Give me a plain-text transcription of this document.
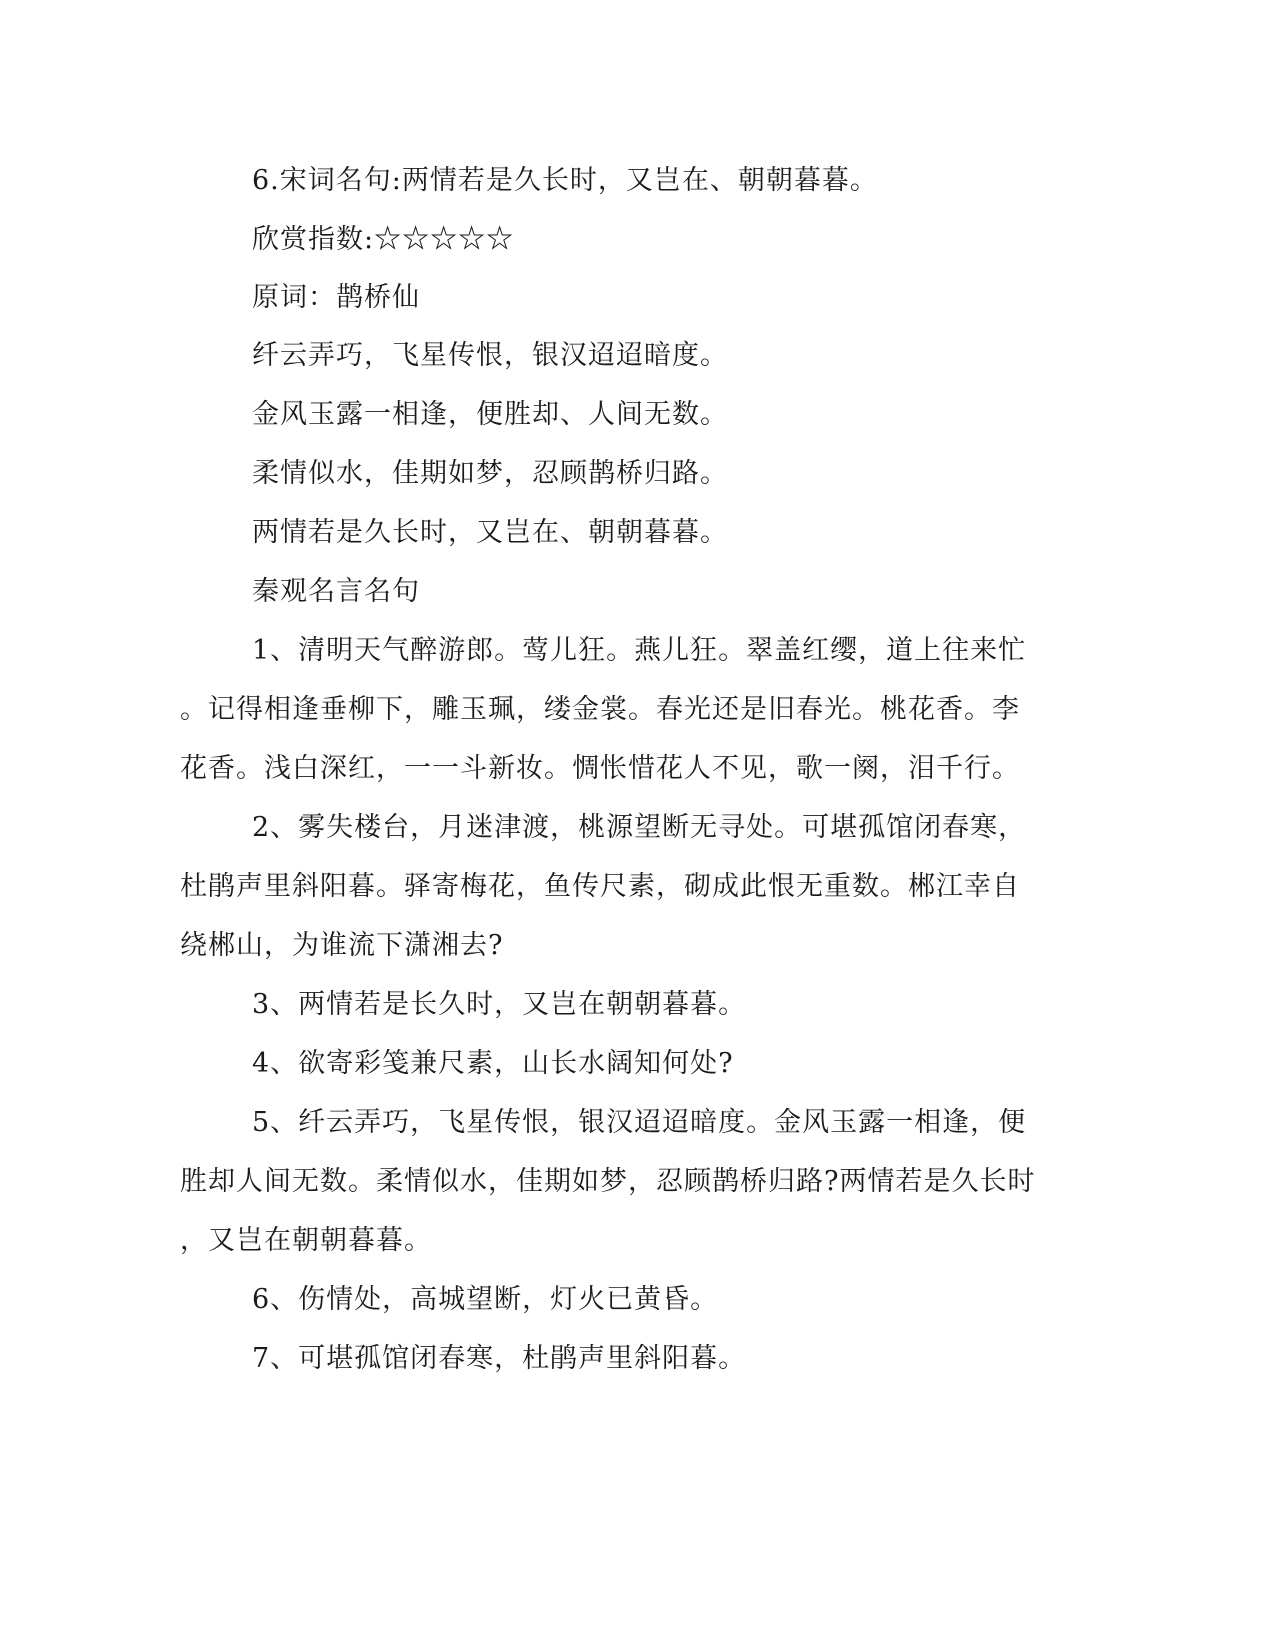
6.宋词名句:两情若是久长时，又岂在、朝朝暮暮。
欣赏指数:☆☆☆☆☆
原词：鹊桥仙
纤云弄巧，飞星传恨，银汉迢迢暗度。
金风玉露一相逢，便胜却、人间无数。
柔情似水，佳期如梦，忍顾鹊桥归路。
两情若是久长时，又岂在、朝朝暮暮。
秦观名言名句
1、清明天气醉游郎。莺儿狂。燕儿狂。翠盖红缨，道上往来忙
。记得相逢垂柳下，雕玉珮，缕金裳。春光还是旧春光。桃花香。李
花香。浅白深红，一一斗新妆。惆怅惜花人不见，歌一阕，泪千行。
2、雾失楼台，月迷津渡，桃源望断无寻处。可堪孤馆闭春寒，
杜鹃声里斜阳暮。驿寄梅花，鱼传尺素，砌成此恨无重数。郴江幸自
绕郴山，为谁流下潇湘去?
3、两情若是长久时，又岂在朝朝暮暮。
4、欲寄彩笺兼尺素，山长水阔知何处?
5、纤云弄巧，飞星传恨，银汉迢迢暗度。金风玉露一相逢，便
胜却人间无数。柔情似水，佳期如梦，忍顾鹊桥归路?两情若是久长时
，又岂在朝朝暮暮。
6、伤情处，高城望断，灯火已黄昏。
7、可堪孤馆闭春寒，杜鹃声里斜阳暮。
